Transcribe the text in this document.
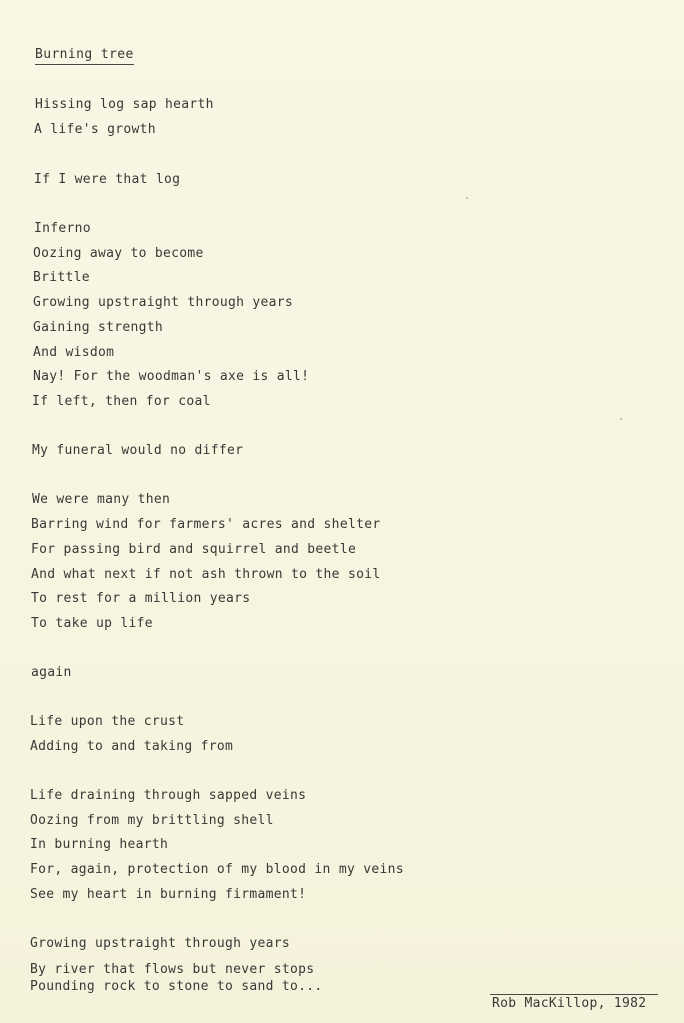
Burning tree
Hissing log sap hearth
A life's growth
If I were that log
Inferno
Oozing away to become
Brittle
Growing upstraight through years
Gaining strength
And wisdom
Nay! For the woodman's axe is all!
If left, then for coal
My funeral would no differ
We were many then
Barring wind for farmers' acres and shelter
For passing bird and squirrel and beetle
And what next if not ash thrown to the soil
To rest for a million years
To take up life
again
Life upon the crust
Adding to and taking from
Life draining through sapped veins
Oozing from my brittling shell
In burning hearth
For, again, protection of my blood in my veins
See my heart in burning firmament!
Growing upstraight through years
By river that flows but never stops
Pounding rock to stone to sand to...
Rob MacKillop, 1982
